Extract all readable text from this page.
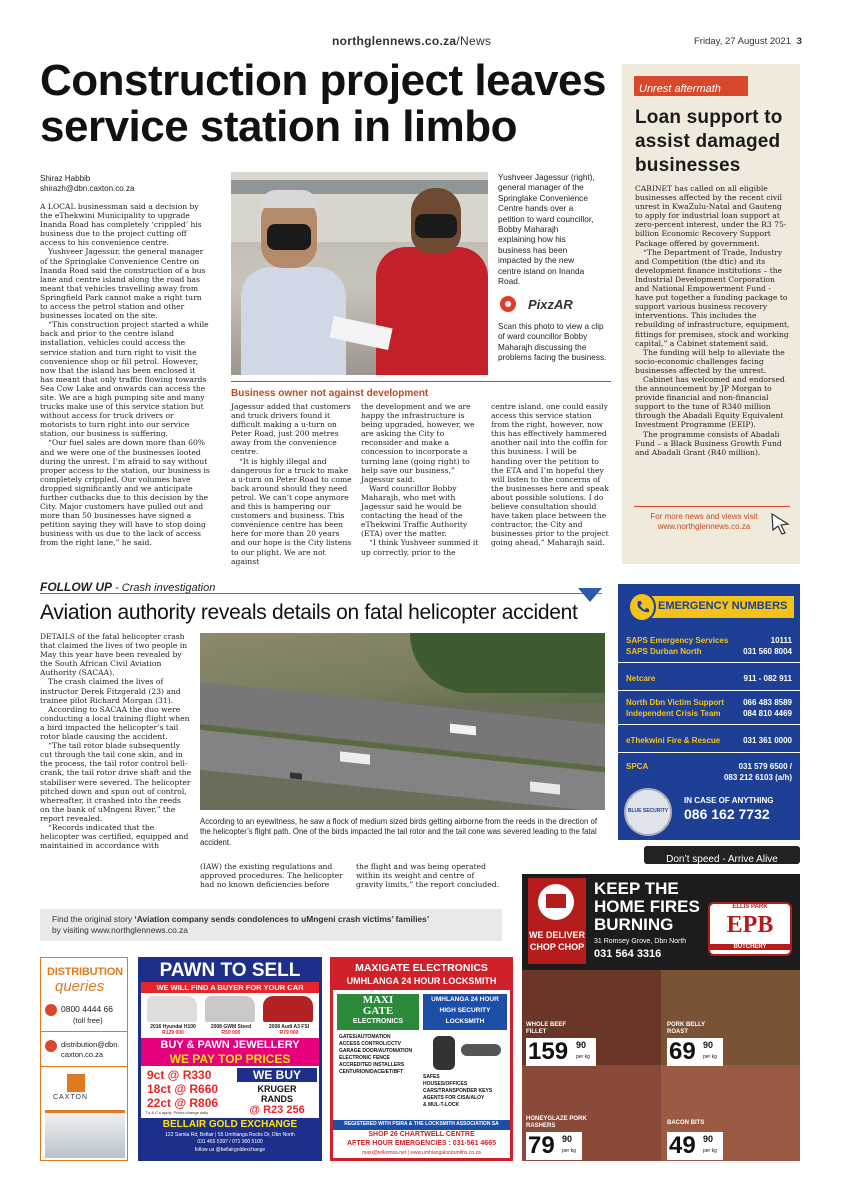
northglennews.co.za/News	Friday, 27 August 2021 3
Construction project leaves
service station in limbo
Shiraz Habbib
shirazh@dbn.caxton.co.za

A LOCAL businessman said a decision by the eThekwini Municipality to upgrade Inanda Road has completely ‘crippled’ his business due to the project cutting off access to his convenience centre.

Yushveer Jagessur, the general manager of the Springlake Convenience Centre on Inanda Road said the construction of a bus lane and centre island along the road has meant that vehicles travelling away from Springfield Park cannot make a right turn to access the petrol station and other businesses located on the site.

“This construction project started a while back and prior to the centre island installation, vehicles could access the service station and turn right to visit the convenience shop or fill petrol. However, now that the island has been enclosed it has meant that only traffic flowing towards Sea Cow Lake and onwards can access the site. We are a high pumping site and many trucks make use of this service station but without access for truck drivers or motorists to turn right into our service station, our business is suffering.

“Our fuel sales are down more than 60% and we were one of the businesses looted during the unrest. I’m afraid to say without proper access to the station, our business is completely crippled. Our volumes have dropped significantly and we anticipate further cutbacks due to this decision by the City. Major customers have pulled out and more than 50 businesses have signed a petition saying they will have to stop doing business with us due to the lack of access from the right lane,” he said.

Yushveer Jagessur (right), general manager of the Springlake Convenience Centre hands over a petition to ward councillor, Bobby Maharajh explaining how his business has been impacted by the new centre island on Inanda Road.
PixzAR
Scan this photo to view a clip of ward councillor Bobby Maharajh discussing the problems facing the business.
Business owner not against development

Jagessur added that customers and truck drivers found it difficult making a u-turn on Peter Road, just 200 metres away from the convenience centre.

“It is highly illegal and dangerous for a truck to make a u-turn on Peter Road to come back around should they need petrol. We can’t cope anymore and this is hampering our customers and business. This convenience centre has been here for more than 20 years and our hope is the City listens to our plight. We are not against

the development and we are happy the infrastructure is being upgraded, however, we are asking the City to reconsider and make a concession to incorporate a turning lane (going right) to help save our business,” Jagessur said.

Ward councillor Bobby Maharajh, who met with Jagessur said he would be contacting the head of the eThekwini Traffic Authority (ETA) over the matter.

“I think Yushveer summed it up correctly, prior to the

centre island, one could easily access this service station from the right, however, now this has effectively hammered another nail into the coffin for this business. I will be handing over the petition to the ETA and I’m hopeful they will listen to the concerns of the businesses here and speak about possible solutions. I do believe consultation should have taken place between the contractor, the City and businesses prior to the project going ahead,” Maharajh said.

Unrest aftermath
Loan support to assist damaged businesses

CABINET has called on all eligible businesses affected by the recent civil unrest in KwaZulu-Natal and Gauteng to apply for industrial loan support at zero-percent interest, under the R3 75-billion Economic Recovery Support Package offered by government.

“The Department of Trade, Industry and Competition (the dtic) and its development finance institutions – the Industrial Development Corporation and National Empowerment Fund - have put together a funding package to support various business recovery interventions. This includes the rebuilding of infrastructure, equipment, fittings for premises, stock and working capital,” a Cabinet statement said.

The funding will help to alleviate the socio-economic challenges facing businesses affected by the unrest.

Cabinet has welcomed and endorsed the announcement by JP Morgan to provide financial and non-financial support to the tune of R340 million through the Abadali Equity Equivalent Investment Programme (EEIP).

The programme consists of Abadali Fund – a Black Business Growth Fund and Abadali Grant (R40 million).

For more news and views visit
www.northglennews.co.za
FOLLOW UP - Crash investigation
Aviation authority reveals details on fatal helicopter accident

DETAILS of the fatal helicopter crash that claimed the lives of two people in May this year have been revealed by the South African Civil Aviation Authority (SACAA).

The crash claimed the lives of instructor Derek Fitzgerald (23) and trainee pilot Richard Morgan (31).

According to SACAA the duo were conducting a local training flight when a bird impacted the helicopter’s tail rotor blade causing the accident.

“The tail rotor blade subsequently cut through the tail cone skin, and in the process, the tail rotor control bell-crank, the tail rotor drive shaft and the stabiliser were severed. The helicopter pitched down and spun out of control, whereafter, it crashed into the reeds on the bank of uMngeni River,” the report revealed.

“Records indicated that the helicopter was certified, equipped and maintained in accordance with

According to an eyewitness, he saw a flock of medium sized birds getting airborne from the reeds in the direction of the helicopter’s flight path. One of the birds impacted the tail rotor and the tail cone was severed leading to the fatal accident.
(IAW) the existing regulations and approved procedures. The helicopter had no known deficiencies before
the flight and was being operated within its weight and centre of gravity limits,” the report concluded.
Find the original story ‘Aviation company sends condolences to uMngeni crash victims’ families’
by visiting www.northglennews.co.za
EMERGENCY NUMBERS
SAPS Emergency Services	10111
SAPS Durban North	031 560 8004
Netcare	911 - 082 911
North Dbn Victim Support 066 483 8589
Independent Crisis Team	084 810 4469
eThekwini Fire & Rescue	031 361 0000
SPCA	031 579 6500 /
083 212 6103 (a/h)
BLUE SECURITY
IN CASE OF ANYTHING
086 162 7732
Don’t speed - Arrive Alive
WE DELIVER
CHOP CHOP
KEEP THE
HOME FIRES
BURNING
31 Romsey Grove, Dbn North
031 564 3316
ELLIS PARK
EPB
BUTCHERY
WHOLE BEEF FILLET
159 90
per kg
PORK BELLY ROAST
69 90
per kg
HONEYGLAZE PORK RASHERS
79 90
per kg
BACON BITS
49 90
per kg
DISTRIBUTION
queries
0800 4444 66
(toll free)
distribution@dbn. caxton.co.za
CAXTON
PAWN TO SELL
WE WILL FIND A BUYER FOR YOUR CAR
2016 Hyundai H100
R129 000
2008 GWM Steed
R50 000
2008 Audi A3 FSI
R79 000
BUY & PAWN JEWELLERY
WE PAY TOP PRICES
9ct @ R330
18ct @ R660
22ct @ R806
T’s & C’s apply. Prices change daily
WE BUY
KRUGER
RANDS
@ R23 256
BELLAIR GOLD EXCHANGE
122 Sarnia Rd, Bellair | 55 Umhlanga Rocks Dr, Dbn North
031 465 5397 / 071 900 5100
follow us @bellairgoldexchange
MAXIGATE ELECTRONICS
UMHLANGA 24 HOUR LOCKSMITH
MAXI
GATE
ELECTRONICS
UMHLANGA 24 HOUR
HIGH SECURITY
LOCKSMITH
GATES/AUTOMATION
ACCESS CONTROL/CCTV
GARAGE DOOR/AUTOMATION
ELECTRONIC FENCE
ACCREDITED INSTALLERS
CENTURION/DACE/ET/BFT
SAFES
HOUSES/OFFICES
CARS/TRANSPONDER KEYS
AGENTS FOR CISA/ALOY
& MUL-T-LOCK
REGISTERED WITH PSIRA & THE LOCKSMITH ASSOCIATION SA
SHOP 26 CHARTWELL CENTRE
AFTER HOUR EMERGENCIES : 031-561 4665
maxi@telkomsa.net | www.umhlangalocksmiths.co.za
